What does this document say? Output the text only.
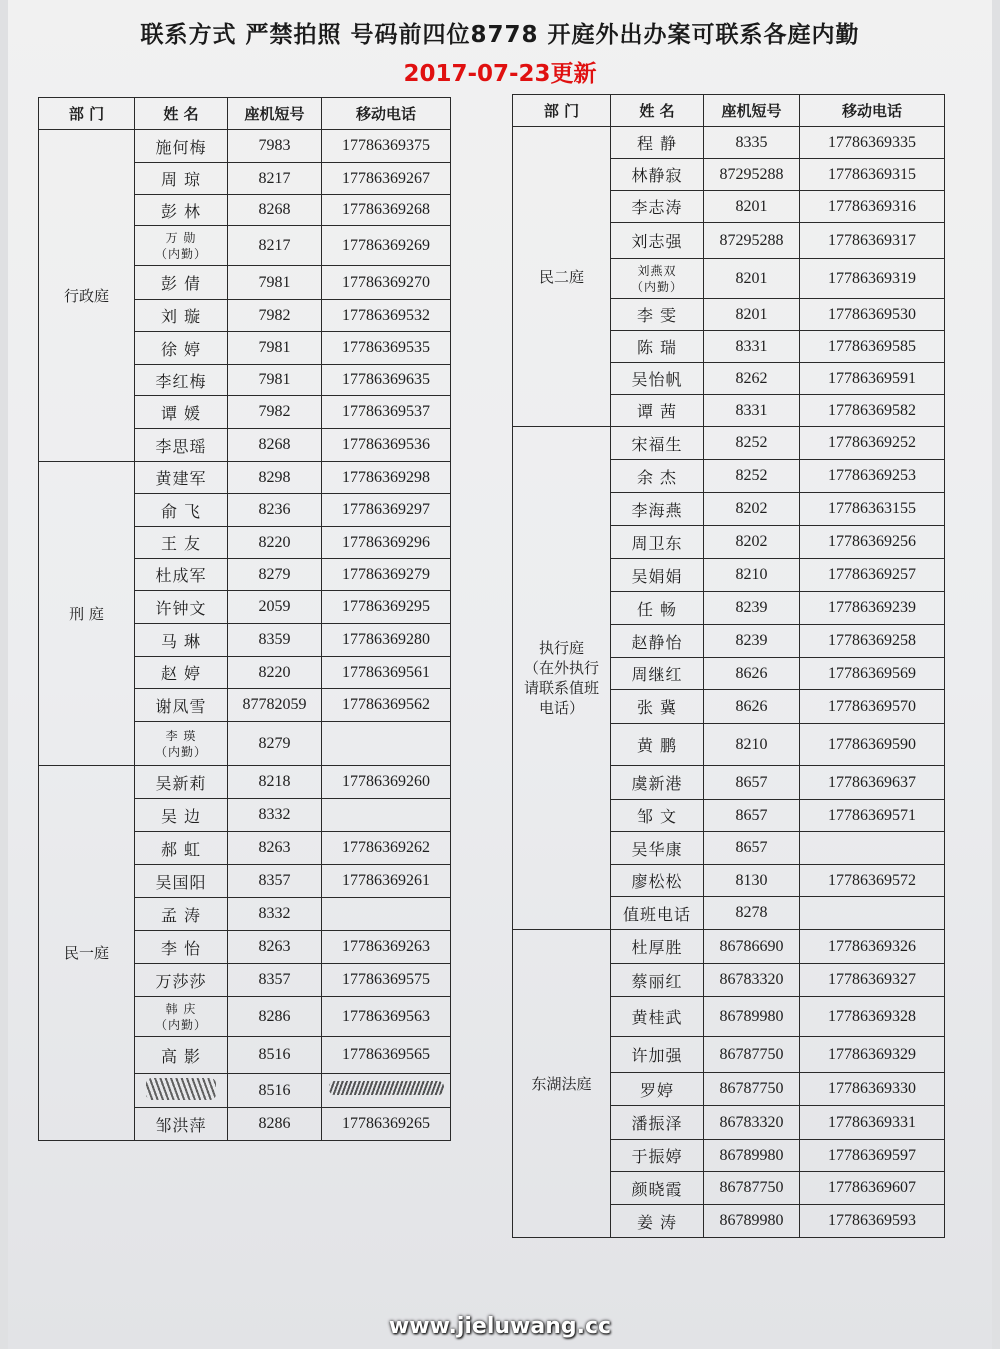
联系方式 严禁拍照 号码前四位8778 开庭外出办案可联系各庭内勤
2017-07-23更新
部 门	姓 名	座机短号	移动电话

行政庭	施何梅	7983	17786369375

	周 琼	8217	17786369267

	彭 林	8268	17786369268

	万 勋
（内勤）	8217	17786369269

	彭 倩	7981	17786369270

	刘 璇	7982	17786369532

	徐 婷	7981	17786369535

	李红梅	7981	17786369635

	谭 媛	7982	17786369537

	李思瑶	8268	17786369536

刑 庭	黄建军	8298	17786369298

	俞 飞	8236	17786369297

	王 友	8220	17786369296

	杜成军	8279	17786369279

	许钟文	2059	17786369295

	马 琳	8359	17786369280

	赵 婷	8220	17786369561

	谢凤雪	87782059	17786369562

	李 瑛
（内勤）	8279	

民一庭	吴新莉	8218	17786369260

	吴 边	8332	

	郝 虹	8263	17786369262

	吴国阳	8357	17786369261

	孟 涛	8332	

	李 怡	8263	17786369263

	万莎莎	8357	17786369575

	韩 庆
（内勤）	8286	17786369563

	高 影	8516	17786369565
		8516	

	邹洪萍	8286	17786369265
部 门	姓 名	座机短号	移动电话

民二庭	程 静	8335	17786369335

	林静寂	87295288	17786369315

	李志涛	8201	17786369316

	刘志强	87295288	17786369317

	刘燕双
（内勤）	8201	17786369319

	李 雯	8201	17786369530

	陈 瑞	8331	17786369585

	吴怡帆	8262	17786369591

	谭 茜	8331	17786369582

执行庭
（在外执行请联系值班电话）	宋福生	8252	17786369252

	余 杰	8252	17786369253

	李海燕	8202	17786363155

	周卫东	8202	17786369256

	吴娟娟	8210	17786369257

	任 畅	8239	17786369239

	赵静怡	8239	17786369258

	周继红	8626	17786369569

	张 冀	8626	17786369570

	黄 鹏	8210	17786369590

	虞新港	8657	17786369637

	邹 文	8657	17786369571

	吴华康	8657	

	廖松松	8130	17786369572

	值班电话	8278	

东湖法庭	杜厚胜	86786690	17786369326

	蔡丽红	86783320	17786369327

	黄桂武	86789980	17786369328

	许加强	86787750	17786369329

	罗婷	86787750	17786369330

	潘振泽	86783320	17786369331

	于振婷	86789980	17786369597

	颜晓霞	86787750	17786369607

	姜 涛	86789980	17786369593
www.jieluwang.cc
